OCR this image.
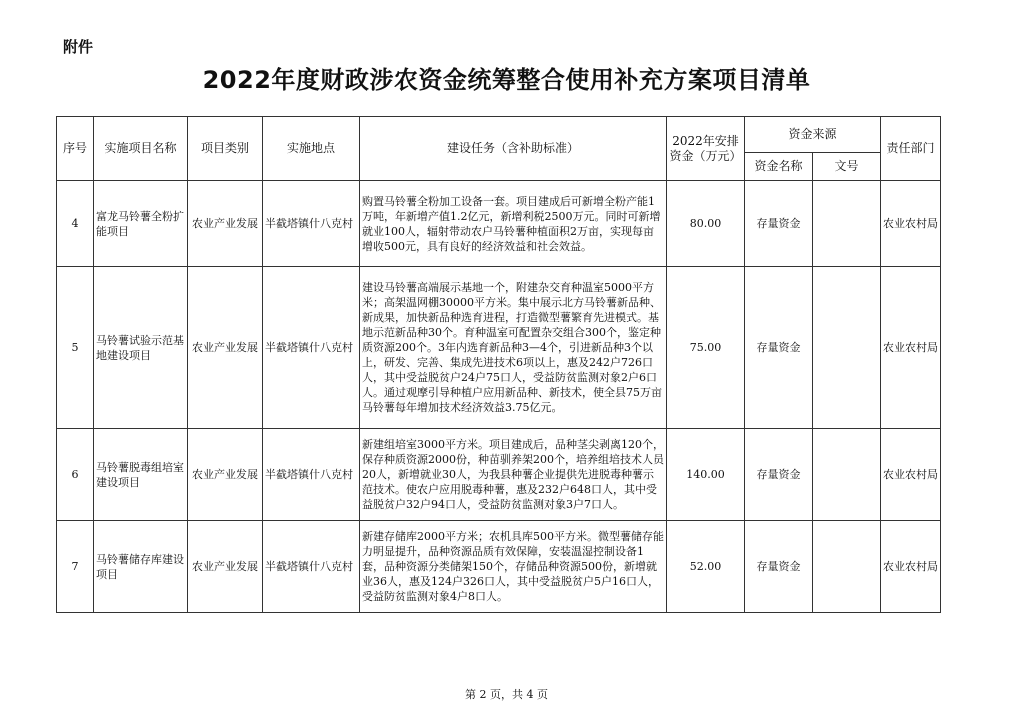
附件
2022年度财政涉农资金统筹整合使用补充方案项目清单
序号	实施项目名称	项目类别	实施地点	建设任务（含补助标准）	2022年安排资金（万元）	资金来源		责任部门
						资金名称	文号	
4	富龙马铃薯全粉扩能项目	农业产业发展	半截塔镇什八克村	购置马铃薯全粉加工设备一套。项目建成后可新增全粉产能1万吨，年新增产值1.2亿元，新增利税2500万元。同时可新增就业100人，辐射带动农户马铃薯种植面积2万亩，实现每亩增收500元，具有良好的经济效益和社会效益。	80.00	存量资金		农业农村局
5	马铃薯试验示范基地建设项目	农业产业发展	半截塔镇什八克村	建设马铃薯高端展示基地一个，附建杂交育种温室5000平方米；高架温网棚30000平方米。集中展示北方马铃薯新品种、新成果，加快新品种选育进程，打造微型薯繁育先进模式。基地示范新品种30个。育种温室可配置杂交组合300个，鉴定种质资源200个。3年内选育新品种3—4个，引进新品种3个以上，研发、完善、集成先进技术6项以上，惠及242户726口人，其中受益脱贫户24户75口人，受益防贫监测对象2户6口人。通过观摩引导种植户应用新品种、新技术，使全县75万亩马铃薯每年增加技术经济效益3.75亿元。	75.00	存量资金		农业农村局
6	马铃薯脱毒组培室建设项目	农业产业发展	半截塔镇什八克村	新建组培室3000平方米。项目建成后，品种茎尖剥离120个，保存种质资源2000份，种苗驯养架200个，培养组培技术人员20人，新增就业30人，为我县种薯企业提供先进脱毒种薯示范技术。使农户应用脱毒种薯，惠及232户648口人，其中受益脱贫户32户94口人，受益防贫监测对象3户7口人。	140.00	存量资金		农业农村局
7	马铃薯储存库建设项目	农业产业发展	半截塔镇什八克村	新建存储库2000平方米；农机具库500平方米。微型薯储存能力明显提升，品种资源品质有效保障，安装温湿控制设备1套，品种资源分类储架150个，存储品种资源500份，新增就业36人，惠及124户326口人，其中受益脱贫户5户16口人，受益防贫监测对象4户8口人。	52.00	存量资金		农业农村局
第 2 页，共 4 页
